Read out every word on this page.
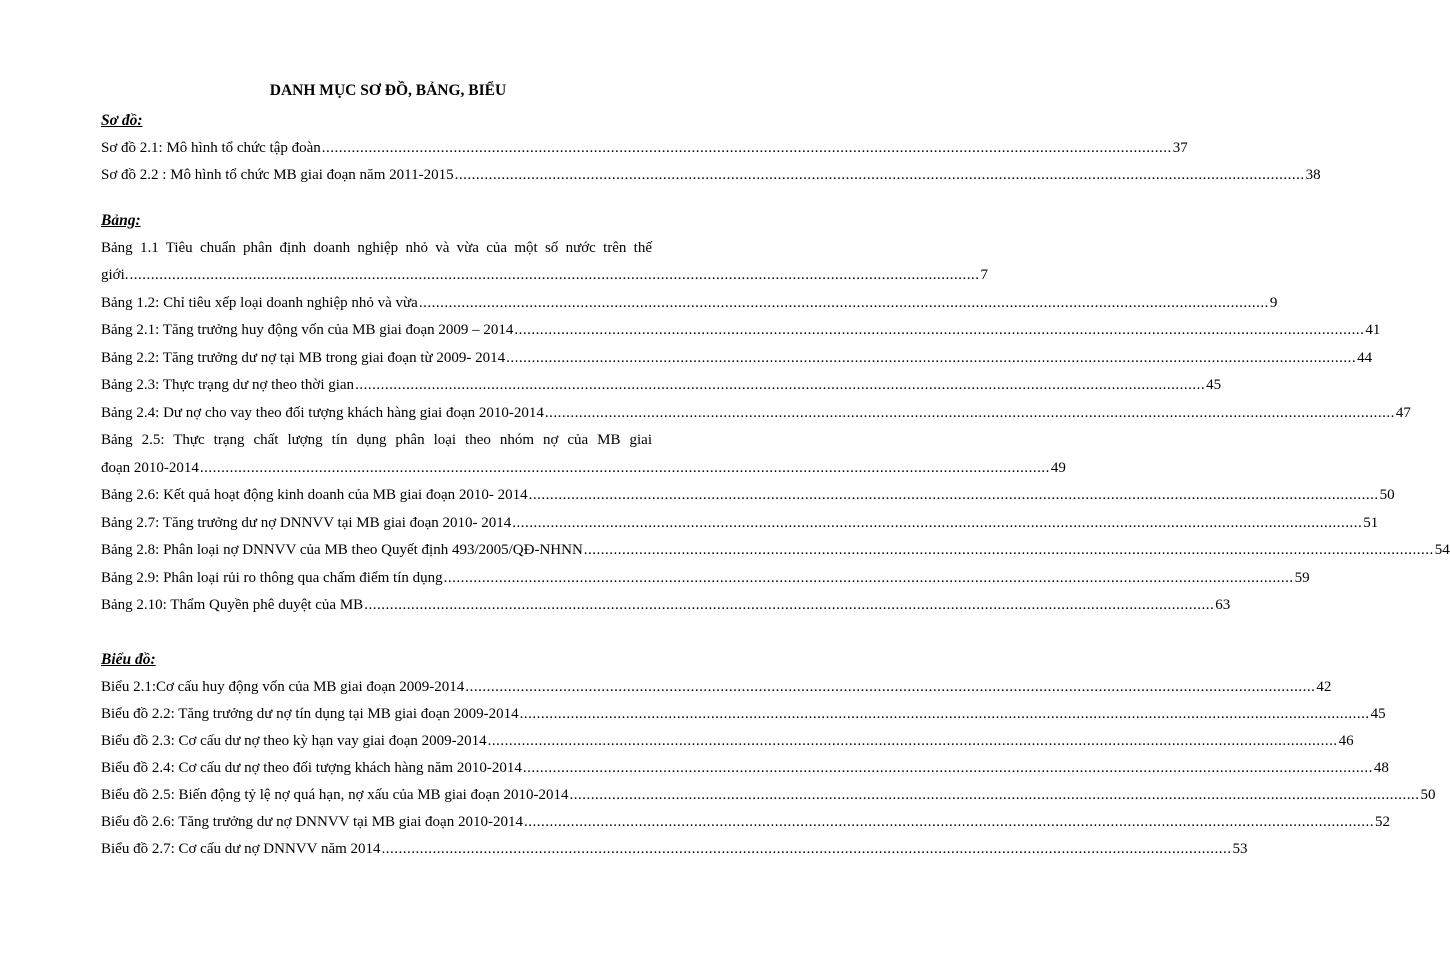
DANH MỤC SƠ ĐỒ, BẢNG, BIỂU
Sơ đồ:
Sơ đồ 2.1: Mô hình tổ chức tập đoàn ........................................................................................................................................................................................................ 37
Sơ đồ 2.2 : Mô hình tổ chức MB giai đoạn năm 2011-2015 ........................................................................................................................................................................................................ 38
Bảng:
Bảng 1.1 Tiêu chuẩn phân định doanh nghiệp nhỏ và vừa của một số nước trên thế
giới. ........................................................................................................................................................................................................ 7
Bảng 1.2: Chỉ tiêu xếp loại doanh nghiệp nhỏ và vừa ........................................................................................................................................................................................................ 9
Bảng 2.1: Tăng trưởng huy động vốn của MB giai đoạn 2009 – 2014 ........................................................................................................................................................................................................ 41
Bảng 2.2: Tăng trưởng dư nợ tại MB trong giai đoạn từ 2009- 2014 ........................................................................................................................................................................................................ 44
Bảng 2.3: Thực trạng dư nợ theo thời gian ........................................................................................................................................................................................................ 45
Bảng 2.4: Dư nợ cho vay theo đối tượng khách hàng giai đoạn 2010-2014 ........................................................................................................................................................................................................ 47
Bảng 2.5: Thực trạng chất lượng tín dụng phân loại theo nhóm nợ của MB giai
đoạn 2010-2014 ........................................................................................................................................................................................................ 49
Bảng 2.6: Kết quả hoạt động kinh doanh của MB giai đoạn 2010- 2014 ........................................................................................................................................................................................................ 50
Bảng 2.7: Tăng trưởng dư nợ DNNVV tại MB giai đoạn 2010- 2014 ........................................................................................................................................................................................................ 51
Bảng 2.8: Phân loại nợ DNNVV của MB theo Quyết định 493/2005/QĐ-NHNN ........................................................................................................................................................................................................ 54
Bảng 2.9: Phân loại rủi ro thông qua chấm điểm tín dụng ........................................................................................................................................................................................................ 59
Bảng 2.10: Thẩm Quyền phê duyệt của MB ........................................................................................................................................................................................................ 63
Biểu đồ:
Biểu 2.1:Cơ cấu huy động vốn của MB giai đoạn 2009-2014 ........................................................................................................................................................................................................ 42
Biểu đồ 2.2: Tăng trưởng dư nợ tín dụng tại MB giai đoạn 2009-2014 ........................................................................................................................................................................................................ 45
Biểu đồ 2.3: Cơ cấu dư nợ theo kỳ hạn vay giai đoạn 2009-2014 ........................................................................................................................................................................................................ 46
Biểu đồ 2.4: Cơ cấu dư nợ theo đối tượng khách hàng năm 2010-2014 ........................................................................................................................................................................................................ 48
Biểu đồ 2.5: Biến động tỷ lệ nợ quá hạn, nợ xấu của MB giai đoạn 2010-2014 ........................................................................................................................................................................................................ 50
Biểu đồ 2.6: Tăng trưởng dư nợ DNNVV tại MB giai đoạn 2010-2014 ........................................................................................................................................................................................................ 52
Biểu đồ 2.7: Cơ cấu dư nợ DNNVV năm 2014 ........................................................................................................................................................................................................ 53
